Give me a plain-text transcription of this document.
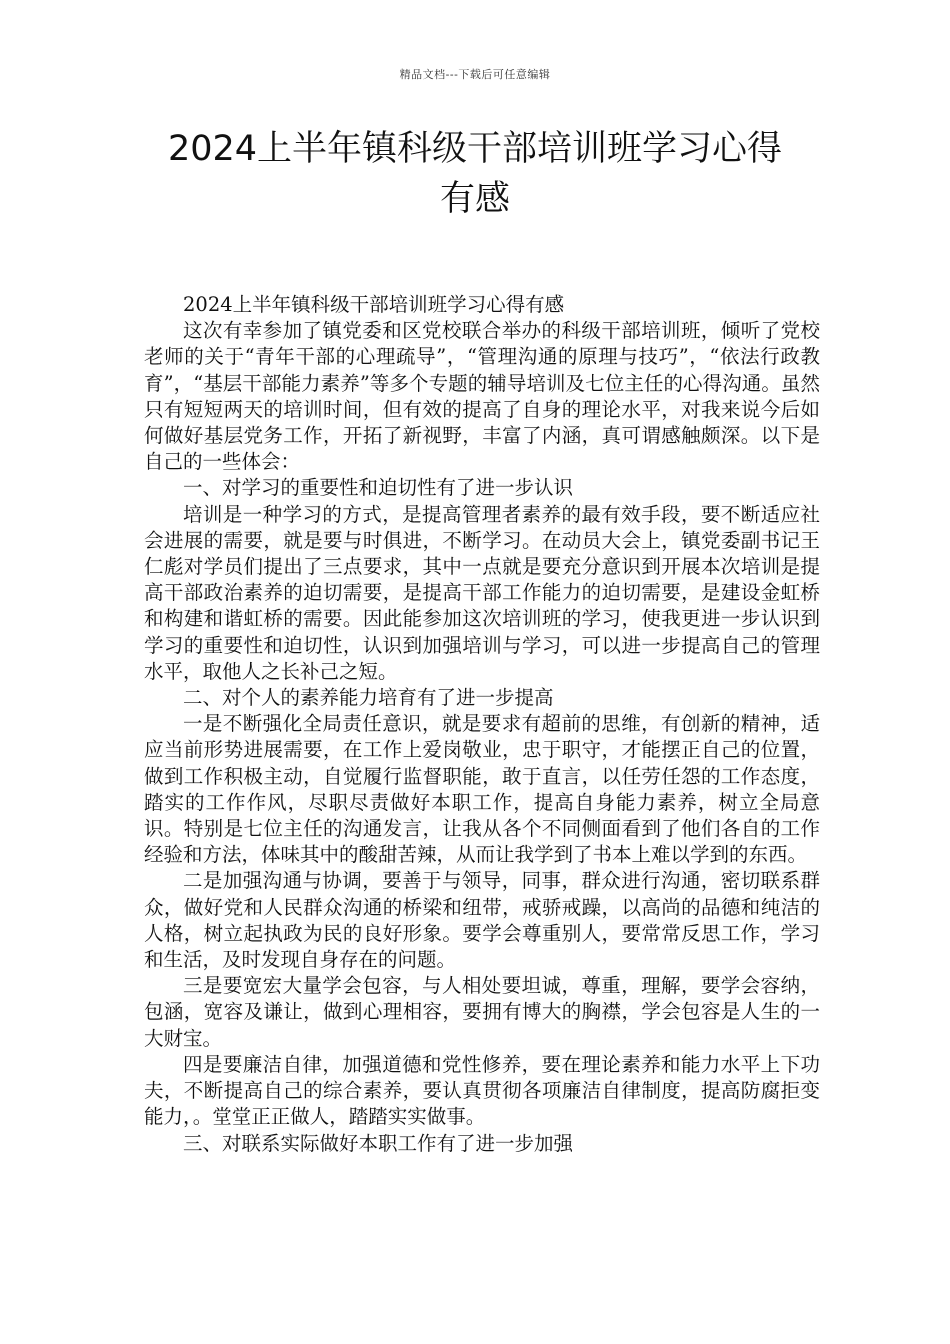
精品文档---下载后可任意编辑
2024上半年镇科级干部培训班学习心得
有感

2024上半年镇科级干部培训班学习心得有感

这次有幸参加了镇党委和区党校联合举办的科级干部培训班，倾听了党校老师的关于“青年干部的心理疏导”，“管理沟通的原理与技巧”，“依法行政教育”，“基层干部能力素养”等多个专题的辅导培训及七位主任的心得沟通。虽然只有短短两天的培训时间，但有效的提高了自身的理论水平，对我来说今后如何做好基层党务工作，开拓了新视野，丰富了内涵，真可谓感触颇深。以下是自己的一些体会：

一、对学习的重要性和迫切性有了进一步认识

培训是一种学习的方式，是提高管理者素养的最有效手段，要不断适应社会进展的需要，就是要与时俱进，不断学习。在动员大会上，镇党委副书记王仁彪对学员们提出了三点要求，其中一点就是要充分意识到开展本次培训是提高干部政治素养的迫切需要，是提高干部工作能力的迫切需要，是建设金虹桥和构建和谐虹桥的需要。因此能参加这次培训班的学习，使我更进一步认识到学习的重要性和迫切性，认识到加强培训与学习，可以进一步提高自己的管理水平，取他人之长补己之短。

二、对个人的素养能力培育有了进一步提高

一是不断强化全局责任意识，就是要求有超前的思维，有创新的精神，适应当前形势进展需要，在工作上爱岗敬业，忠于职守，才能摆正自己的位置，做到工作积极主动，自觉履行监督职能，敢于直言，以任劳任怨的工作态度，踏实的工作作风，尽职尽责做好本职工作，提高自身能力素养，树立全局意识。特别是七位主任的沟通发言，让我从各个不同侧面看到了他们各自的工作经验和方法，体味其中的酸甜苦辣，从而让我学到了书本上难以学到的东西。

二是加强沟通与协调，要善于与领导，同事，群众进行沟通，密切联系群众，做好党和人民群众沟通的桥梁和纽带，戒骄戒躁，以高尚的品德和纯洁的人格，树立起执政为民的良好形象。要学会尊重别人，要常常反思工作，学习和生活，及时发现自身存在的问题。

三是要宽宏大量学会包容，与人相处要坦诚，尊重，理解，要学会容纳，包涵，宽容及谦让，做到心理相容，要拥有博大的胸襟，学会包容是人生的一大财宝。

四是要廉洁自律，加强道德和党性修养，要在理论素养和能力水平上下功夫，不断提高自己的综合素养，要认真贯彻各项廉洁自律制度，提高防腐拒变能力，。堂堂正正做人，踏踏实实做事。

三、对联系实际做好本职工作有了进一步加强
